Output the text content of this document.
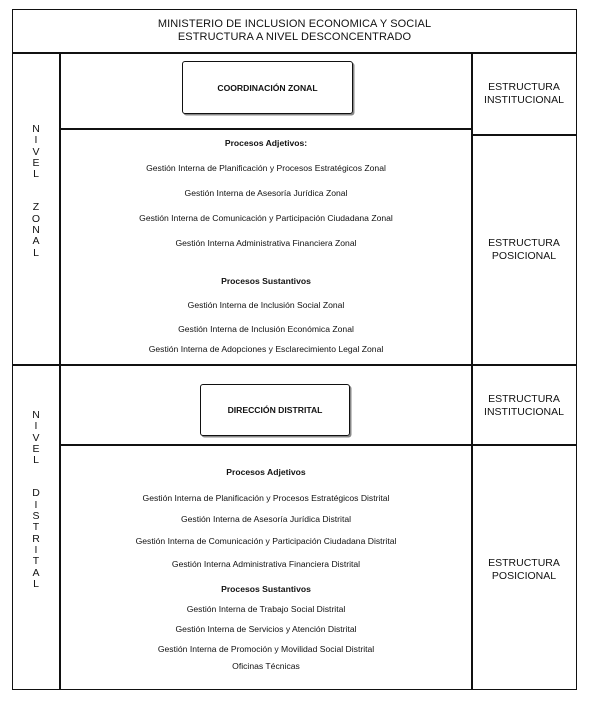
MINISTERIO DE INCLUSION ECONOMICA Y SOCIAL
ESTRUCTURA A NIVEL DESCONCENTRADO
N
I
V
E
L
Z
O
N
A
L
COORDINACIÓN ZONAL	ESTRUCTURA
INSTITUCIONAL
ESTRUCTURA
POSICIONAL
Procesos Adjetivos:
Gestión Interna de Planificación y Procesos Estratégicos Zonal
Gestión Interna de Asesoría Jurídica Zonal
Gestión Interna de Comunicación y Participación Ciudadana Zonal
Gestión Interna Administrativa Financiera Zonal
Procesos Sustantivos
Gestión Interna de Inclusión Social Zonal
Gestión Interna de Inclusión Económica Zonal
Gestión Interna de Adopciones y Esclarecimiento Legal Zonal
N
I
V
E
L
D
I
S
T
R
I
T
A
L
DIRECCIÓN DISTRITAL
ESTRUCTURA
INSTITUCIONAL
ESTRUCTURA
POSICIONAL
Procesos Adjetivos
Gestión Interna de Planificación y Procesos Estratégicos Distrital
Gestión Interna de Asesoría Jurídica Distrital
Gestión Interna de Comunicación y Participación Ciudadana Distrital
Gestión Interna Administrativa Financiera Distrital
Procesos Sustantivos
Gestión Interna de Trabajo Social Distrital
Gestión Interna de Servicios y Atención Distrital
Gestión Interna de Promoción y Movilidad Social Distrital
Oficinas Técnicas
